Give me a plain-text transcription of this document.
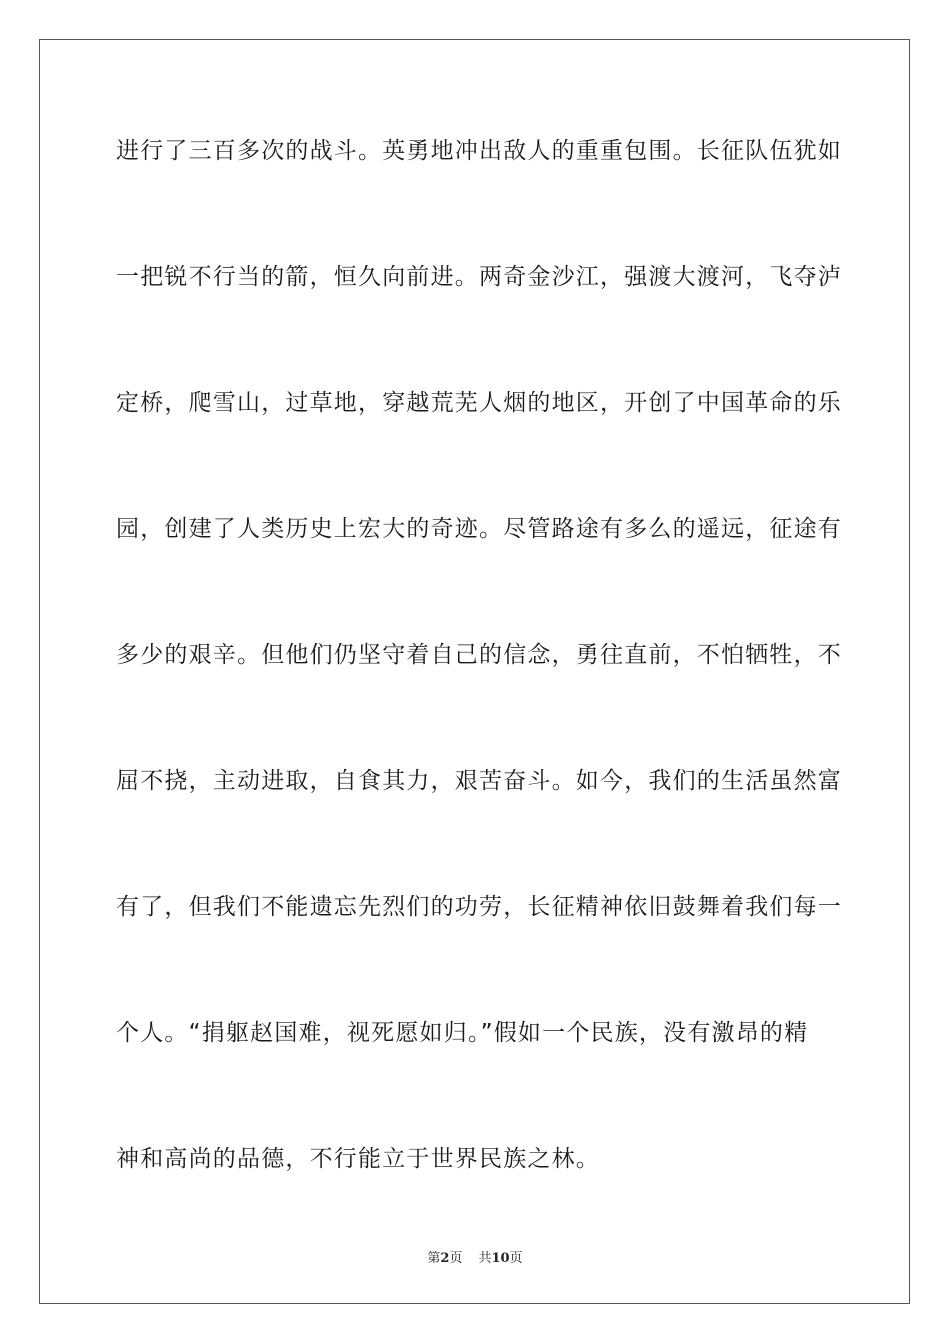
进行了三百多次的战斗。英勇地冲出敌人的重重包围。长征队伍犹如
一把锐不行当的箭，恒久向前进。两奇金沙江，强渡大渡河，飞夺泸
定桥，爬雪山，过草地，穿越荒芜人烟的地区，开创了中国革命的乐
园，创建了人类历史上宏大的奇迹。尽管路途有多么的遥远，征途有
多少的艰辛。但他们仍坚守着自己的信念，勇往直前，不怕牺牲，不
屈不挠，主动进取，自食其力，艰苦奋斗。如今，我们的生活虽然富
有了，但我们不能遗忘先烈们的功劳，长征精神依旧鼓舞着我们每一
个人。“捐躯赵国难，视死愿如归。”假如一个民族，没有激昂的精
神和高尚的品德，不行能立于世界民族之林。
第2页 共10页
